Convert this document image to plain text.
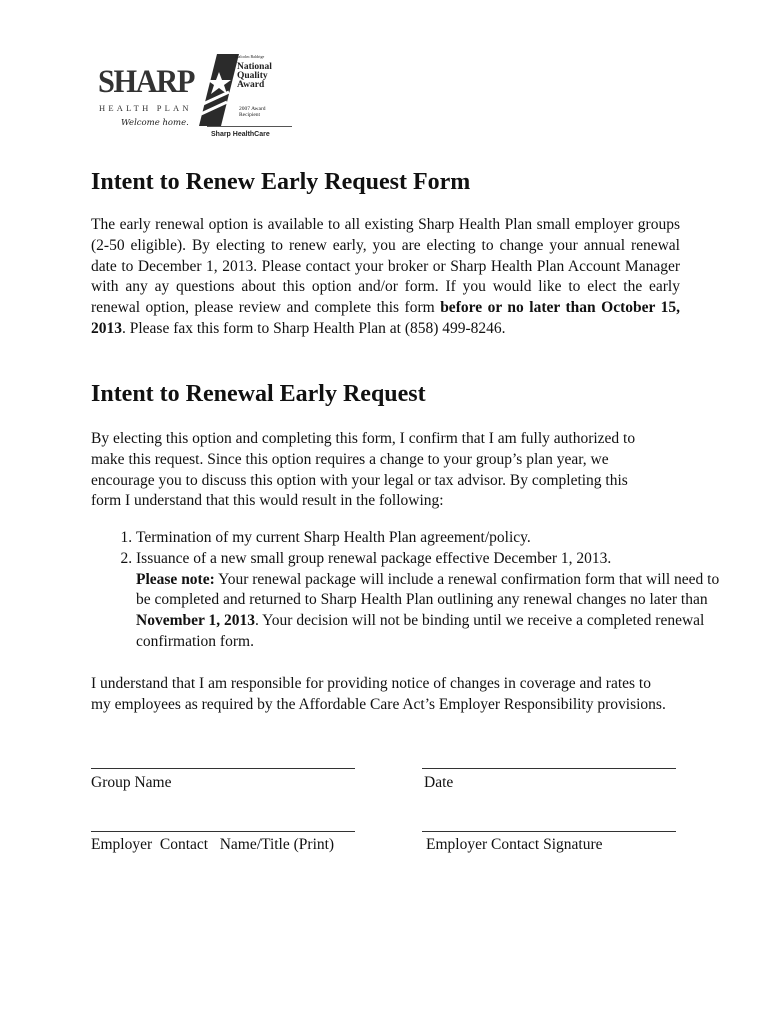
SHARP
HEALTH PLAN
Welcome home.
Malcolm Baldrige
National
Quality
Award
2007 Award
Recipient
Sharp HealthCare
Intent to Renew Early Request Form

The early renewal option is available to all existing Sharp Health Plan small employer groups (2-50 eligible). By electing to renew early, you are electing to change your annual renewal date to December 1, 2013. Please contact your broker or Sharp Health Plan Account Manager with any ay questions about this option and/or form. If you would like to elect the early renewal option, please review and complete this form before or no later than October 15, 2013. Please fax this form to Sharp Health Plan at (858) 499-8246.

Intent to Renewal Early Request

By electing this option and completing this form, I confirm that I am fully authorized to make this request. Since this option requires a change to your group’s plan year, we encourage you to discuss this option with your legal or tax advisor. By completing this form I understand that this would result in the following:

1. Termination of my current Sharp Health Plan agreement/policy.
2. Issuance of a new small group renewal package effective December 1, 2013.
Please note: Your renewal package will include a renewal confirmation form that will need to be completed and returned to Sharp Health Plan outlining any renewal changes no later than November 1, 2013. Your decision will not be binding until we receive a completed renewal confirmation form.

I understand that I am responsible for providing notice of changes in coverage and rates to my employees as required by the Affordable Care Act’s Employer Responsibility provisions.

Group Name	Date
Employer  Contact   Name/Title (Print)	Employer Contact Signature
